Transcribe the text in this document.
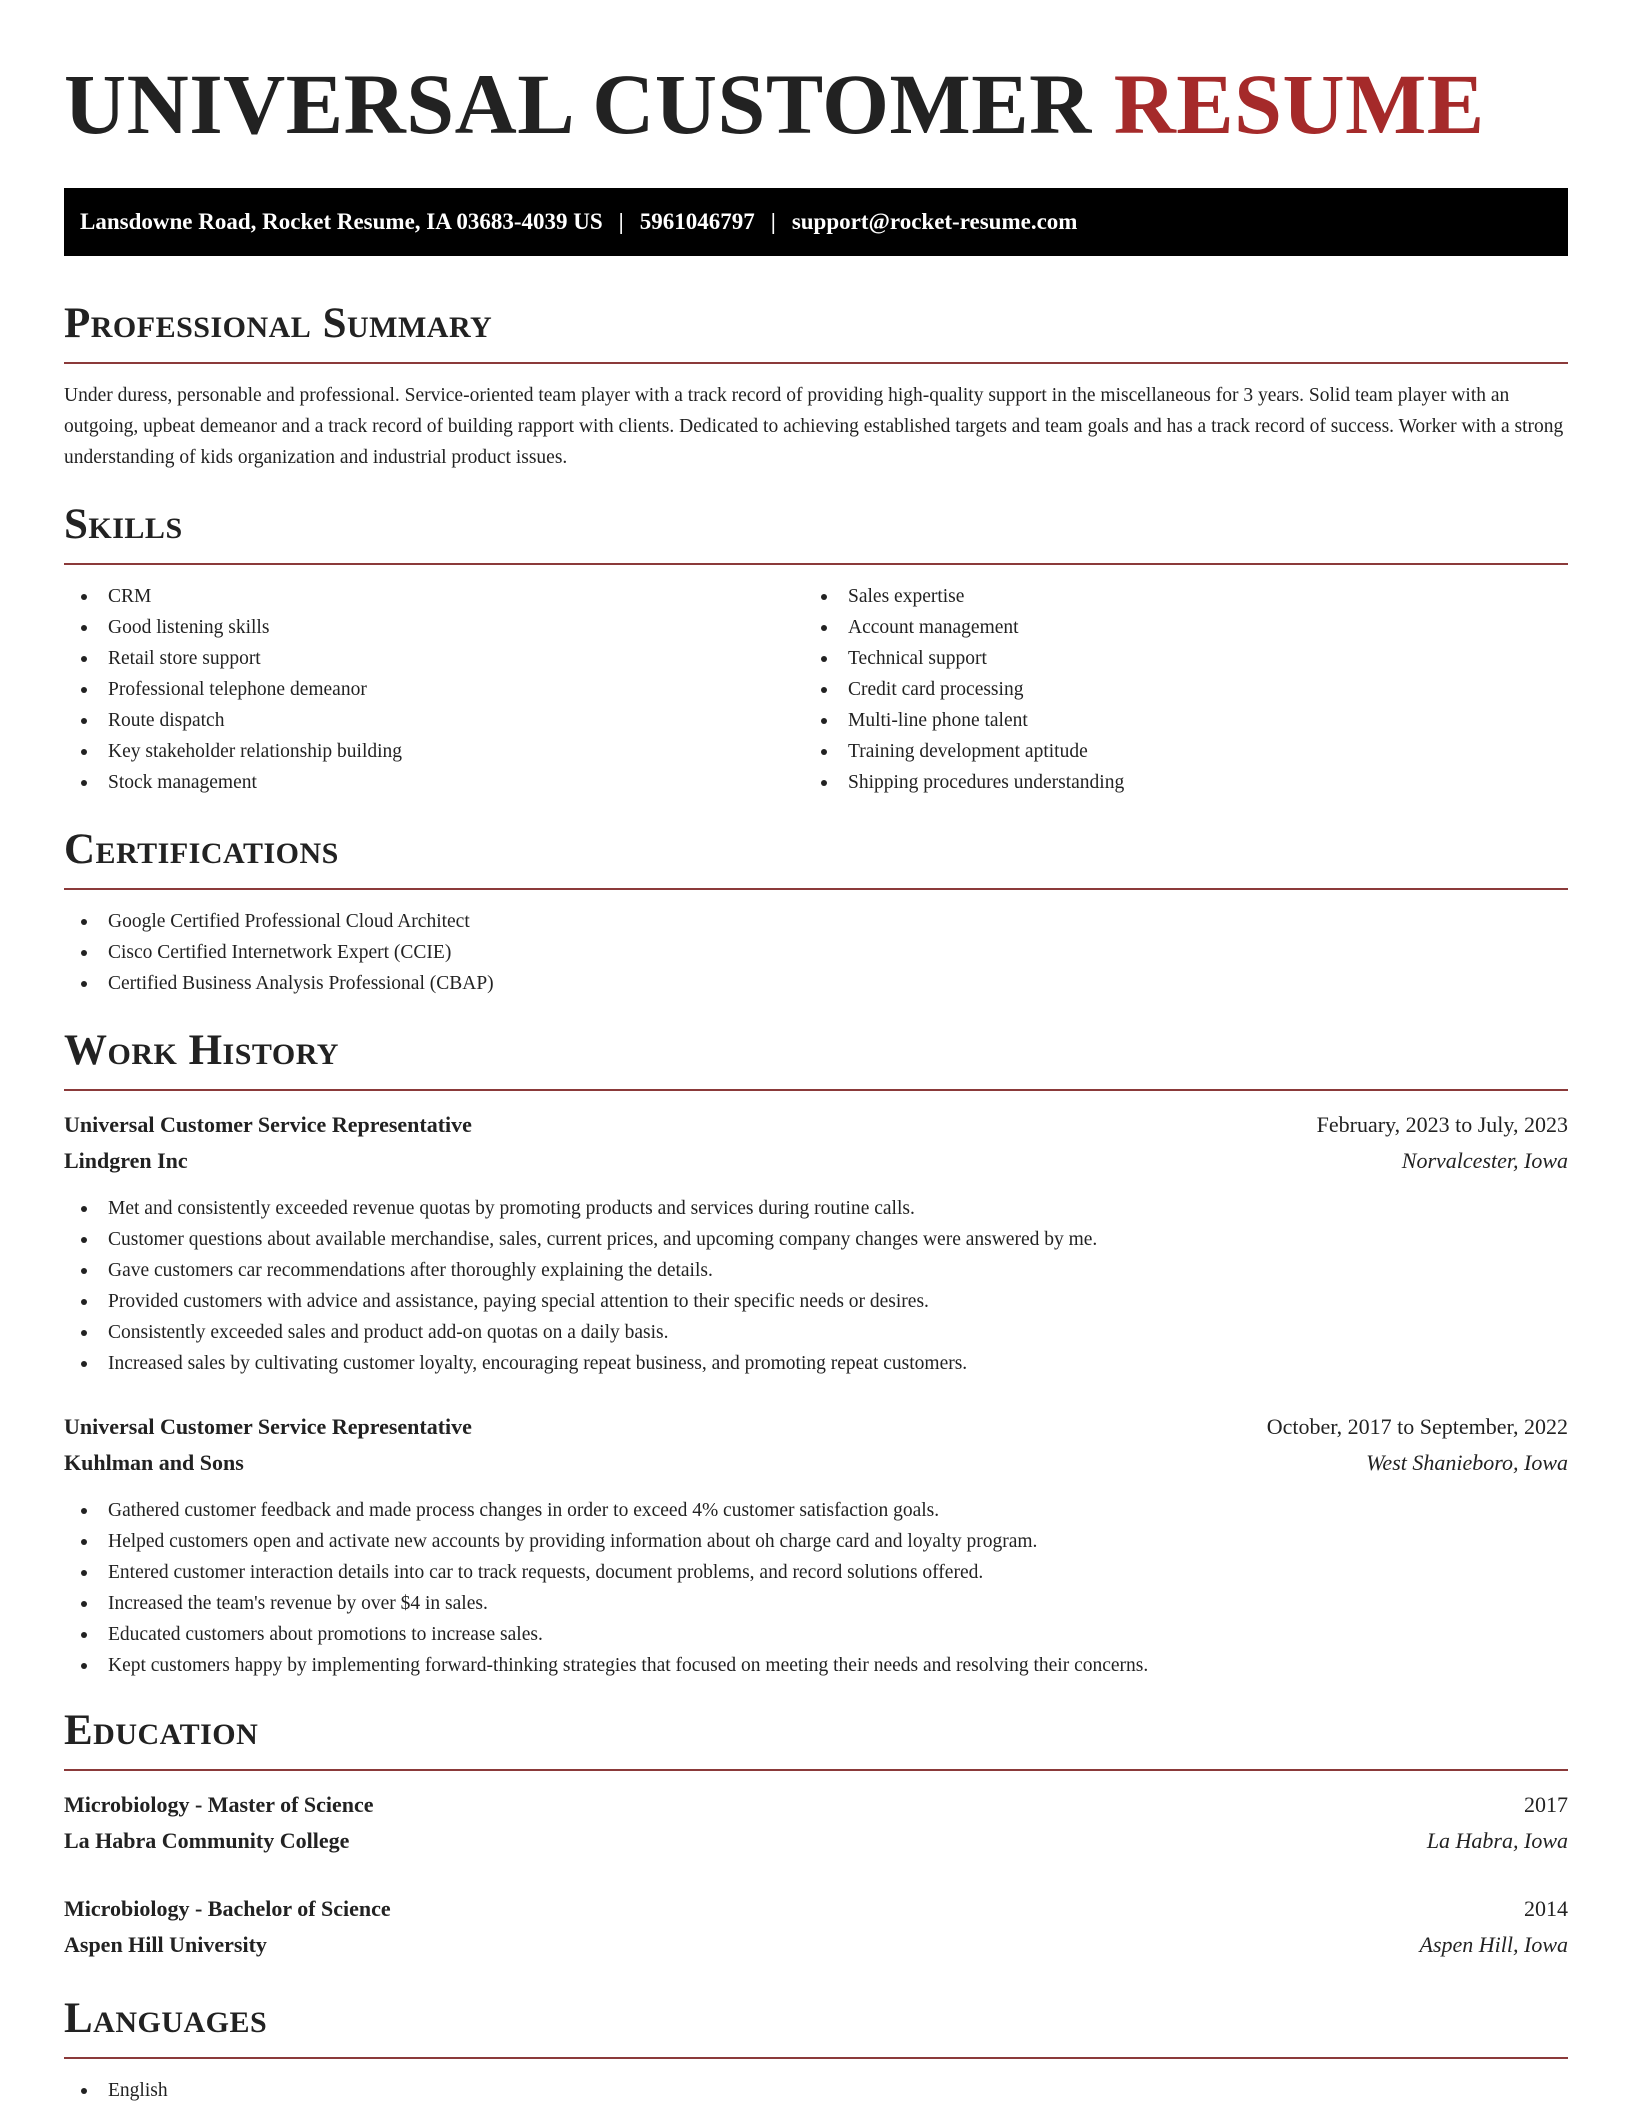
UNIVERSAL CUSTOMER RESUME
Lansdowne Road, Rocket Resume, IA 03683-4039 US | 5961046797 | support@rocket-resume.com
Professional Summary

Under duress, personable and professional. Service-oriented team player with a track record of providing high-quality support in the miscellaneous for 3 years. Solid team player with an outgoing, upbeat demeanor and a track record of building rapport with clients. Dedicated to achieving established targets and team goals and has a track record of success. Worker with a strong understanding of kids organization and industrial product issues.

Skills
CRM
Good listening skills
Retail store support
Professional telephone demeanor
Route dispatch
Key stakeholder relationship building
Stock management
Sales expertise
Account management
Technical support
Credit card processing
Multi-line phone talent
Training development aptitude
Shipping procedures understanding
Certifications
Google Certified Professional Cloud Architect
Cisco Certified Internetwork Expert (CCIE)
Certified Business Analysis Professional (CBAP)
Work History
Universal Customer Service Representative	February, 2023 to July, 2023
Lindgren Inc	Norvalcester, Iowa
Met and consistently exceeded revenue quotas by promoting products and services during routine calls.
Customer questions about available merchandise, sales, current prices, and upcoming company changes were answered by me.
Gave customers car recommendations after thoroughly explaining the details.
Provided customers with advice and assistance, paying special attention to their specific needs or desires.
Consistently exceeded sales and product add-on quotas on a daily basis.
Increased sales by cultivating customer loyalty, encouraging repeat business, and promoting repeat customers.
Universal Customer Service Representative	October, 2017 to September, 2022
Kuhlman and Sons	West Shanieboro, Iowa
Gathered customer feedback and made process changes in order to exceed 4% customer satisfaction goals.
Helped customers open and activate new accounts by providing information about oh charge card and loyalty program.
Entered customer interaction details into car to track requests, document problems, and record solutions offered.
Increased the team's revenue by over $4 in sales.
Educated customers about promotions to increase sales.
Kept customers happy by implementing forward-thinking strategies that focused on meeting their needs and resolving their concerns.
Education
Microbiology - Master of Science	2017
La Habra Community College	La Habra, Iowa
Microbiology - Bachelor of Science	2014
Aspen Hill University	Aspen Hill, Iowa
Languages
English
